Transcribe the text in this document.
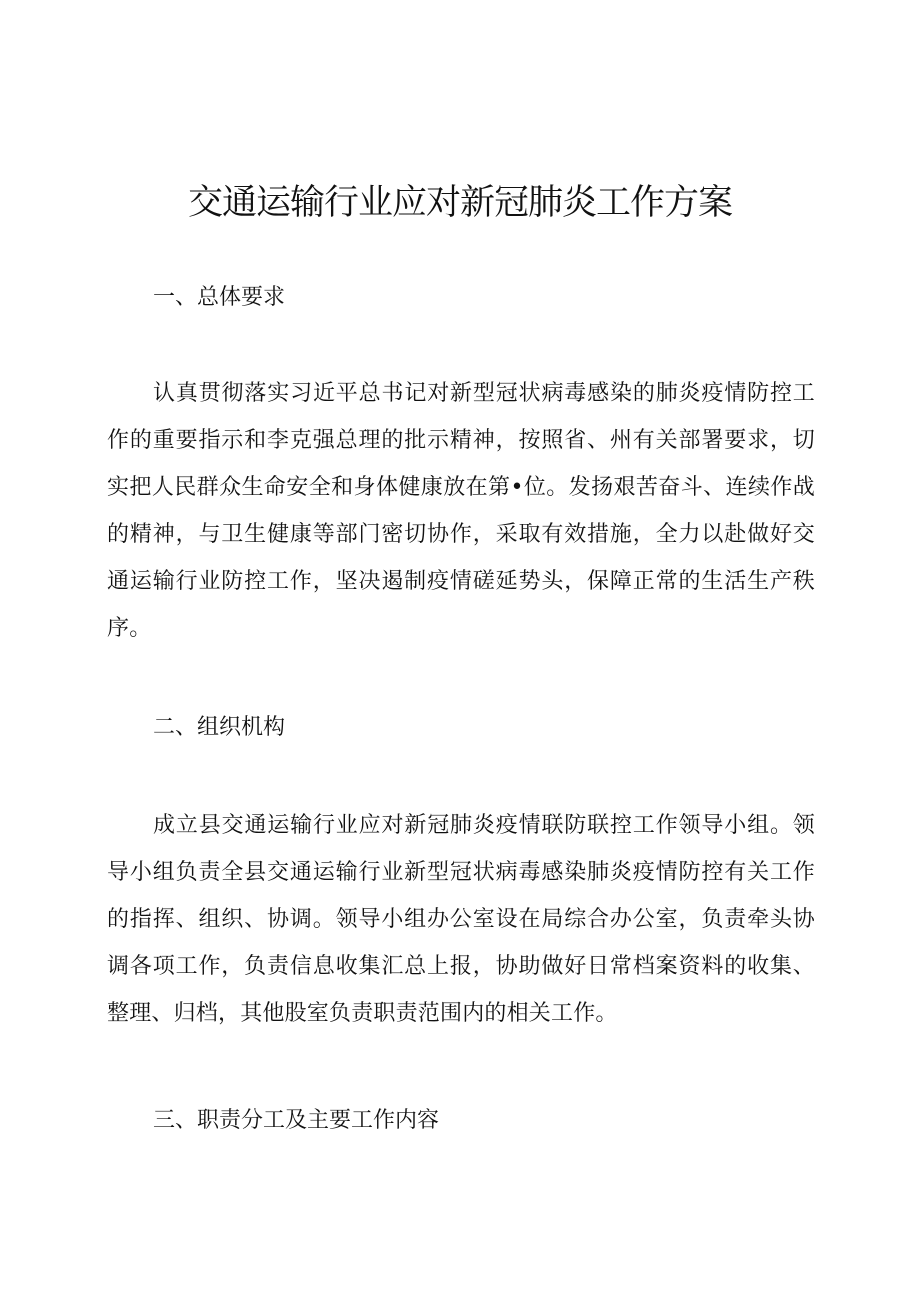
交通运输行业应对新冠肺炎工作方案
一、总体要求

认真贯彻落实习近平总书记对新型冠状病毒感染的肺炎疫情防控工作的重要指示和李克强总理的批示精神，按照省、州有关部署要求，切实把人民群众生命安全和身体健康放在第•位。发扬艰苦奋斗、连续作战的精神，与卫生健康等部门密切协作，采取有效措施，全力以赴做好交通运输行业防控工作，坚决遏制疫情磋延势头，保障正常的生活生产秩序。

二、组织机构

成立县交通运输行业应对新冠肺炎疫情联防联控工作领导小组。领导小组负责全县交通运输行业新型冠状病毒感染肺炎疫情防控有关工作的指挥、组织、协调。领导小组办公室设在局综合办公室，负责牵头协调各项工作，负责信息收集汇总上报，协助做好日常档案资料的收集、整理、归档，其他股室负责职责范围内的相关工作。

三、职责分工及主要工作内容
